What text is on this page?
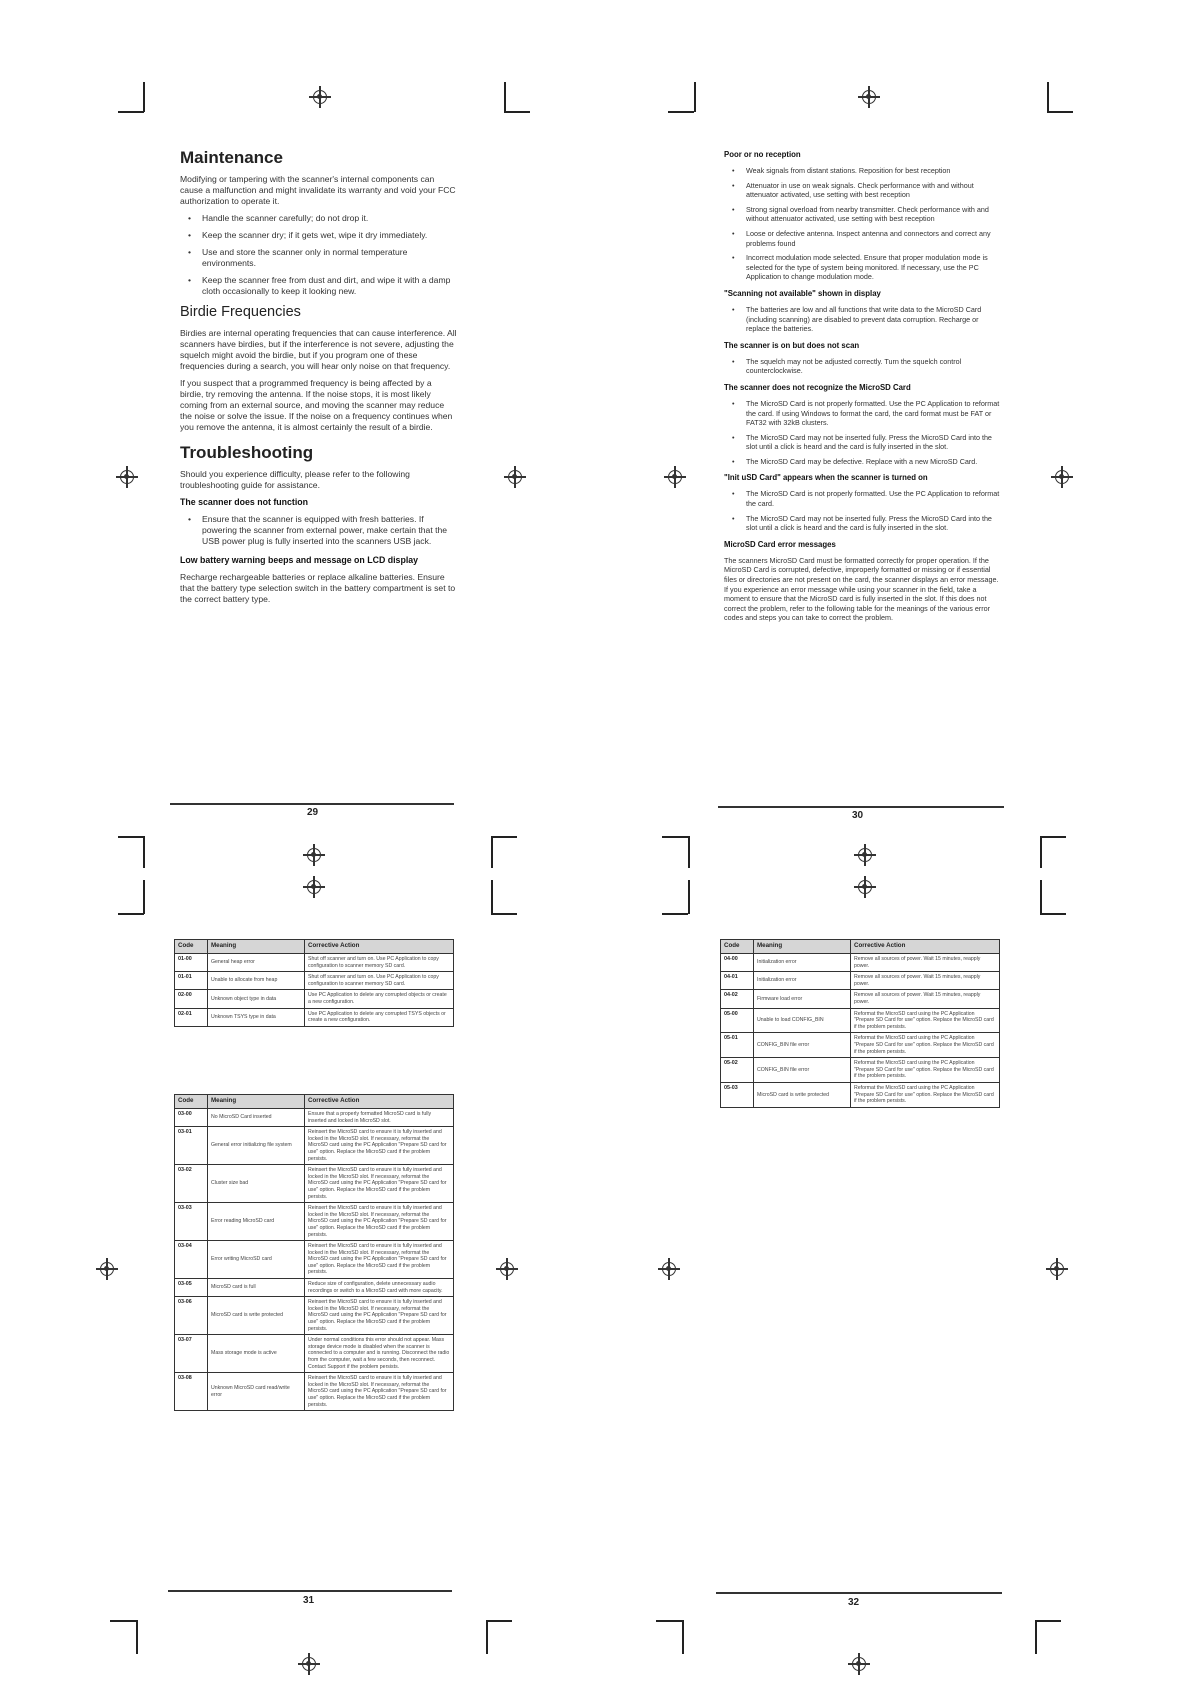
Maintenance

Modifying or tampering with the scanner's internal components can cause a malfunction and might invalidate its warranty and void your FCC authorization to operate it.

• Handle the scanner carefully; do not drop it.
• Keep the scanner dry; if it gets wet, wipe it dry immediately.
• Use and store the scanner only in normal temperature environments.
• Keep the scanner free from dust and dirt, and wipe it with a damp cloth occasionally to keep it looking new.
Birdie Frequencies

Birdies are internal operating frequencies that can cause interference. All scanners have birdies, but if the interference is not severe, adjusting the squelch might avoid the birdie, but if you program one of these frequencies during a search, you will hear only noise on that frequency.

If you suspect that a programmed frequency is being affected by a birdie, try removing the antenna. If the noise stops, it is most likely coming from an external source, and moving the scanner may reduce the noise or solve the issue. If the noise on a frequency continues when you remove the antenna, it is almost certainly the result of a birdie.

Troubleshooting

Should you experience difficulty, please refer to the following troubleshooting guide for assistance.

The scanner does not function
• Ensure that the scanner is equipped with fresh batteries. If powering the scanner from external power, make certain that the USB power plug is fully inserted into the scanners USB jack.
Low battery warning beeps and message on LCD display

Recharge rechargeable batteries or replace alkaline batteries. Ensure that the battery type selection switch in the battery compartment is set to the correct battery type.

29
Poor or no reception
• Weak signals from distant stations. Reposition for best reception
• Attenuator in use on weak signals. Check performance with and without attenuator activated, use setting with best reception
• Strong signal overload from nearby transmitter. Check performance with and without attenuator activated, use setting with best reception
• Loose or defective antenna. Inspect antenna and connectors and correct any problems found
• Incorrect modulation mode selected. Ensure that proper modulation mode is selected for the type of system being monitored. If necessary, use the PC Application to change modulation mode.
"Scanning not available" shown in display
• The batteries are low and all functions that write data to the MicroSD Card (including scanning) are disabled to prevent data corruption. Recharge or replace the batteries.
The scanner is on but does not scan
• The squelch may not be adjusted correctly. Turn the squelch control counterclockwise.
The scanner does not recognize the MicroSD Card
• The MicroSD Card is not properly formatted. Use the PC Application to reformat the card. If using Windows to format the card, the card format must be FAT or FAT32 with 32kB clusters.
• The MicroSD Card may not be inserted fully. Press the MicroSD Card into the slot until a click is heard and the card is fully inserted in the slot.
• The MicroSD Card may be defective. Replace with a new MicroSD Card.
"Init uSD Card" appears when the scanner is turned on
• The MicroSD Card is not properly formatted. Use the PC Application to reformat the card.
• The MicroSD Card may not be inserted fully. Press the MicroSD Card into the slot until a click is heard and the card is fully inserted in the slot.
MicroSD Card error messages

The scanners MicroSD Card must be formatted correctly for proper operation. If the MicroSD Card is corrupted, defective, improperly formatted or missing or if essential files or directories are not present on the card, the scanner displays an error message. If you experience an error message while using your scanner in the field, take a moment to ensure that the MicroSD card is fully inserted in the slot. If this does not correct the problem, refer to the following table for the meanings of the various error codes and steps you can take to correct the problem.

30
Code	Meaning	Corrective Action
01-00	General heap error	Shut off scanner and turn on. Use PC Application to copy configuration to scanner memory SD card.
01-01	Unable to allocate from heap	Shut off scanner and turn on. Use PC Application to copy configuration to scanner memory SD card.
02-00	Unknown object type in data	Use PC Application to delete any corrupted objects or create a new configuration.
02-01	Unknown TSYS type in data	Use PC Application to delete any corrupted TSYS objects or create a new configuration.
Code	Meaning	Corrective Action
03-00	No MicroSD Card inserted	Ensure that a properly formatted MicroSD card is fully inserted and locked in MicroSD slot.
03-01	General error initializing file system	Reinsert the MicroSD card to ensure it is fully inserted and locked in the MicroSD slot. If necessary, reformat the MicroSD card using the PC Application "Prepare SD card for use" option. Replace the MicroSD card if the problem persists.
03-02	Cluster size bad	Reinsert the MicroSD card to ensure it is fully inserted and locked in the MicroSD slot. If necessary, reformat the MicroSD card using the PC Application "Prepare SD card for use" option. Replace the MicroSD card if the problem persists.
03-03	Error reading MicroSD card	Reinsert the MicroSD card to ensure it is fully inserted and locked in the MicroSD slot. If necessary, reformat the MicroSD card using the PC Application "Prepare SD card for use" option. Replace the MicroSD card if the problem persists.
03-04	Error writing MicroSD card	Reinsert the MicroSD card to ensure it is fully inserted and locked in the MicroSD slot. If necessary, reformat the MicroSD card using the PC Application "Prepare SD card for use" option. Replace the MicroSD card if the problem persists.
03-05	MicroSD card is full	Reduce size of configuration, delete unnecessary audio recordings or switch to a MicroSD card with more capacity.
03-06	MicroSD card is write protected	Reinsert the MicroSD card to ensure it is fully inserted and locked in the MicroSD slot. If necessary, reformat the MicroSD card using the PC Application "Prepare SD card for use" option. Replace the MicroSD card if the problem persists.
03-07	Mass storage mode is active	Under normal conditions this error should not appear. Mass storage device mode is disabled when the scanner is connected to a computer and is running. Disconnect the radio from the computer, wait a few seconds, then reconnect. Contact Support if the problem persists.
03-08	Unknown MicroSD card read/write error	Reinsert the MicroSD card to ensure it is fully inserted and locked in the MicroSD slot. If necessary, reformat the MicroSD card using the PC Application "Prepare SD card for use" option. Replace the MicroSD card if the problem persists.
31
Code	Meaning	Corrective Action
04-00	Initialization error	Remove all sources of power. Wait 15 minutes, reapply power.
04-01	Initialization error	Remove all sources of power. Wait 15 minutes, reapply power.
04-02	Firmware load error	Remove all sources of power. Wait 15 minutes, reapply power.
05-00	Unable to load CONFIG_BIN	Reformat the MicroSD card using the PC Application "Prepare SD Card for use" option. Replace the MicroSD card if the problem persists.
05-01	CONFIG_BIN file error	Reformat the MicroSD card using the PC Application "Prepare SD Card for use" option. Replace the MicroSD card if the problem persists.
05-02	CONFIG_BIN file error	Reformat the MicroSD card using the PC Application "Prepare SD Card for use" option. Replace the MicroSD card if the problem persists.
05-03	MicroSD card is write protected	Reformat the MicroSD card using the PC Application "Prepare SD Card for use" option. Replace the MicroSD card if the problem persists.
32
